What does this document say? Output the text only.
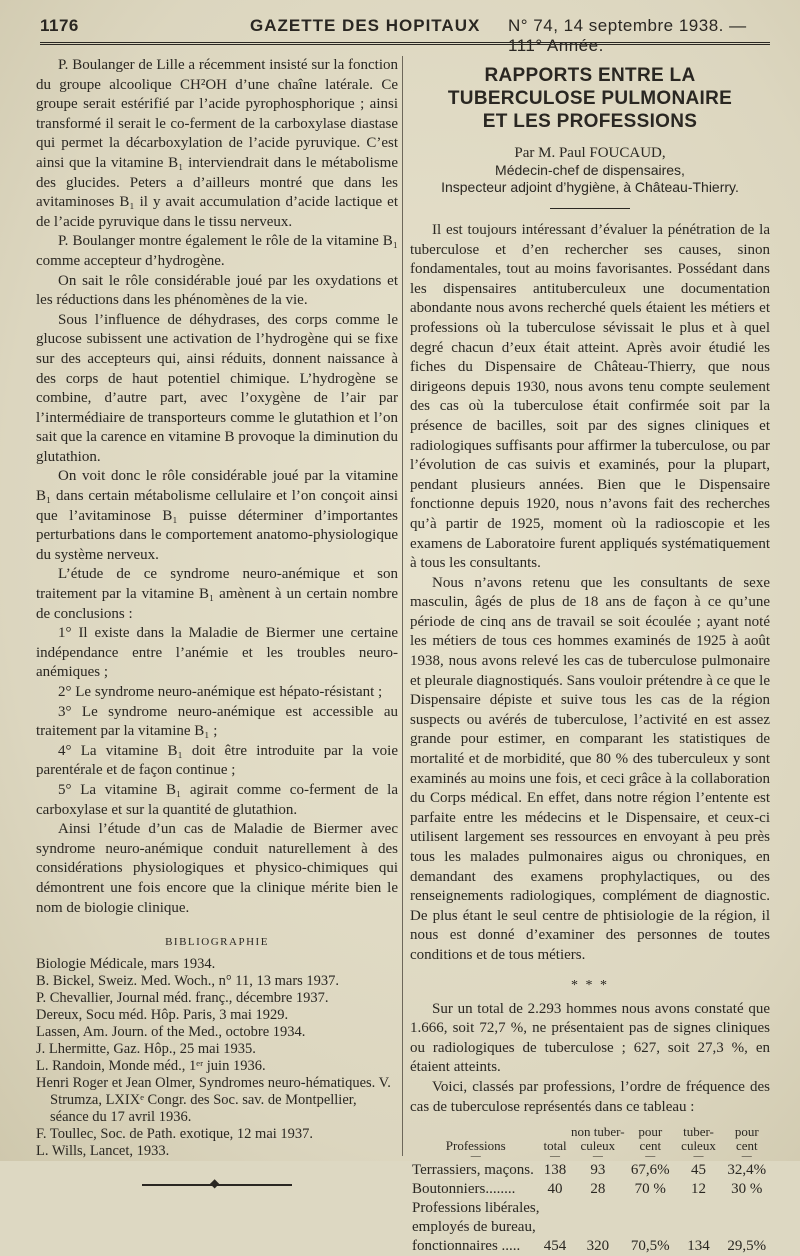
1176	GAZETTE DES HOPITAUX N° 74, 14 septembre 1938. — 111° Année.

P. Boulanger de Lille a récemment insisté sur la fonction du groupe alcoolique CH²OH d’une chaîne latérale. Ce groupe serait estérifié par l’acide pyrophosphorique ; ainsi transformé il serait le co-ferment de la carboxylase diastase qui permet la décarboxylation de l’acide pyruvique. C’est ainsi que la vitamine B₁ interviendrait dans le métabolisme des glucides. Peters a d’ailleurs montré que dans les avitaminoses B₁ il y avait accumulation d’acide lactique et de l’acide pyruvique dans le tissu nerveux.

P. Boulanger montre également le rôle de la vitamine B₁ comme accepteur d’hydrogène.

On sait le rôle considérable joué par les oxydations et les réductions dans les phénomènes de la vie.

Sous l’influence de déhydrases, des corps comme le glucose subissent une activation de l’hydrogène qui se fixe sur des accepteurs qui, ainsi réduits, donnent naissance à des corps de haut potentiel chimique. L’hydrogène se combine, d’autre part, avec l’oxygène de l’air par l’intermédiaire de transporteurs comme le glutathion et l’on sait que la carence en vitamine B provoque la diminution du glutathion.

On voit donc le rôle considérable joué par la vitamine B₁ dans certain métabolisme cellulaire et l’on conçoit ainsi que l’avitaminose B₁ puisse déterminer d’importantes perturbations dans le comportement anatomo-physiologique du système nerveux.

L’étude de ce syndrome neuro-anémique et son traitement par la vitamine B₁ amènent à un certain nombre de conclusions :

1° Il existe dans la Maladie de Biermer une certaine indépendance entre l’anémie et les troubles neuro-anémiques ;

2° Le syndrome neuro-anémique est hépato-résistant ;

3° Le syndrome neuro-anémique est accessible au traitement par la vitamine B₁ ;

4° La vitamine B₁ doit être introduite par la voie parentérale et de façon continue ;

5° La vitamine B₁ agirait comme co-ferment de la carboxylase et sur la quantité de glutathion.

Ainsi l’étude d’un cas de Maladie de Biermer avec syndrome neuro-anémique conduit naturellement à des considérations physiologiques et physico-chimiques qui démontrent une fois encore que la clinique mérite bien le nom de biologie clinique.

BIBLIOGRAPHIE

Biologie Médicale, mars 1934.

B. Bickel, Sweiz. Med. Woch., n° 11, 13 mars 1937.

P. Chevallier, Journal méd. franç., décembre 1937.

Dereux, Socu méd. Hôp. Paris, 3 mai 1929.

Lassen, Am. Journ. of the Med., octobre 1934.

J. Lhermitte, Gaz. Hôp., 25 mai 1935.

L. Randoin, Monde méd., 1ᵉʳ juin 1936.

Henri Roger et Jean Olmer, Syndromes neuro-hématiques. V. Strumza, LXIXᵉ Congr. des Soc. sav. de Montpellier, séance du 17 avril 1936.

F. Toullec, Soc. de Path. exotique, 12 mai 1937.

L. Wills, Lancet, 1933.

◆
RAPPORTS ENTRE LA TUBERCULOSE PULMONAIRE
ET LES PROFESSIONS
Par M. Paul FOUCAUD,
Médecin-chef de dispensaires,
Inspecteur adjoint d’hygiène, à Château-Thierry.

Il est toujours intéressant d’évaluer la pénétration de la tuberculose et d’en rechercher ses causes, sinon fondamentales, tout au moins favorisantes. Possédant dans les dispensaires antituberculeux une documentation abondante nous avons recherché quels étaient les métiers et professions où la tuberculose sévissait le plus et à quel degré chacun d’eux était atteint. Après avoir étudié les fiches du Dispensaire de Château-Thierry, que nous dirigeons depuis 1930, nous avons tenu compte seulement des cas où la tuberculose était confirmée soit par la présence de bacilles, soit par des signes cliniques et radiologiques suffisants pour affirmer la tuberculose, ou par l’évolution de cas suivis et examinés, pour la plupart, pendant plusieurs années. Bien que le Dispensaire fonctionne depuis 1920, nous n’avons fait des recherches qu’à partir de 1925, moment où la radioscopie et les examens de Laboratoire furent appliqués systématiquement à tous les consultants.

Nous n’avons retenu que les consultants de sexe masculin, âgés de plus de 18 ans de façon à ce qu’une période de cinq ans de travail se soit écoulée ; ayant noté les métiers de tous ces hommes examinés de 1925 à août 1938, nous avons relevé les cas de tuberculose pulmonaire et pleurale diagnostiqués. Sans vouloir prétendre à ce que le Dispensaire dépiste et suive tous les cas de la région suspects ou avérés de tuberculose, l’activité en est assez grande pour estimer, en comparant les statistiques de mortalité et de morbidité, que 80 % des tuberculeux y sont examinés au moins une fois, et ceci grâce à la collaboration du Corps médical. En effet, dans notre région l’entente est parfaite entre les médecins et le Dispensaire, et ceux-ci utilisent largement ses ressources en envoyant à peu près tous les malades pulmonaires aigus ou chroniques, en demandant des examens prophylactiques, ou des renseignements radiologiques, complément de diagnostic. De plus étant le seul centre de phtisiologie de la région, il nous est donné d’examiner des personnes de toutes conditions et de tous métiers.

* * *

Sur un total de 2.293 hommes nous avons constaté que 1.666, soit 72,7 %, ne présentaient pas de signes cliniques ou radiologiques de tuberculose ; 627, soit 27,3 %, en étaient atteints.

Voici, classés par professions, l’ordre de fréquence des cas de tuberculose représentés dans ce tableau :

Professions	total	non tuber-culeux	pour cent	tuber-culeux	pour cent
—	—	—	—	—	—
Terrassiers, maçons.	138	93	67,6%	45	32,4%
Boutonniers........	40	28	70 %	12	30 %
Professions libérales,					
employés de bureau,					
fonctionnaires .....	454	320	70,5%	134	29,5%
